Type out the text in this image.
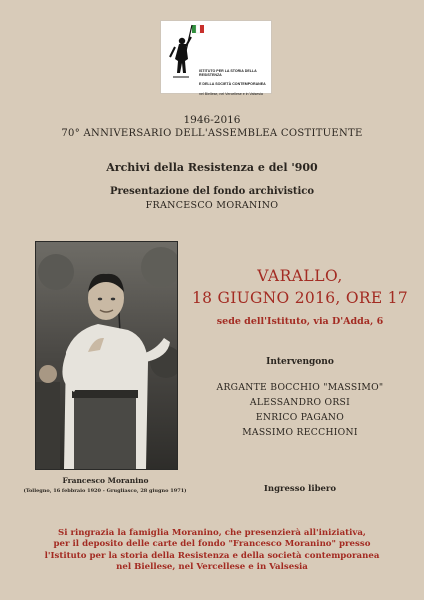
ISTITUTO PER LA STORIA DELLA RESISTENZA

E DELLA SOCIETÀ CONTEMPORANEA

nel Biellese, nel Vercellese e in Valsesia

1946-2016
70° ANNIVERSARIO DELL'ASSEMBLEA COSTITUENTE
Archivi della Resistenza e del '900
Presentazione del fondo archivistico
FRANCESCO MORANINO
Francesco Moranino
(Tollegno, 16 febbraio 1920 - Grugliasco, 28 giugno 1971)
VARALLO,
18 GIUGNO 2016, ORE 17
sede dell'Istituto, via D'Adda, 6
Intervengono
ARGANTE BOCCHIO "MASSIMO"
ALESSANDRO ORSI
ENRICO PAGANO
MASSIMO RECCHIONI
Ingresso libero
Si ringrazia la famiglia Moranino, che presenzierà all'iniziativa,
per il deposito delle carte del fondo "Francesco Moranino" presso
l'Istituto per la storia della Resistenza e della società contemporanea
nel Biellese, nel Vercellese e in Valsesia
